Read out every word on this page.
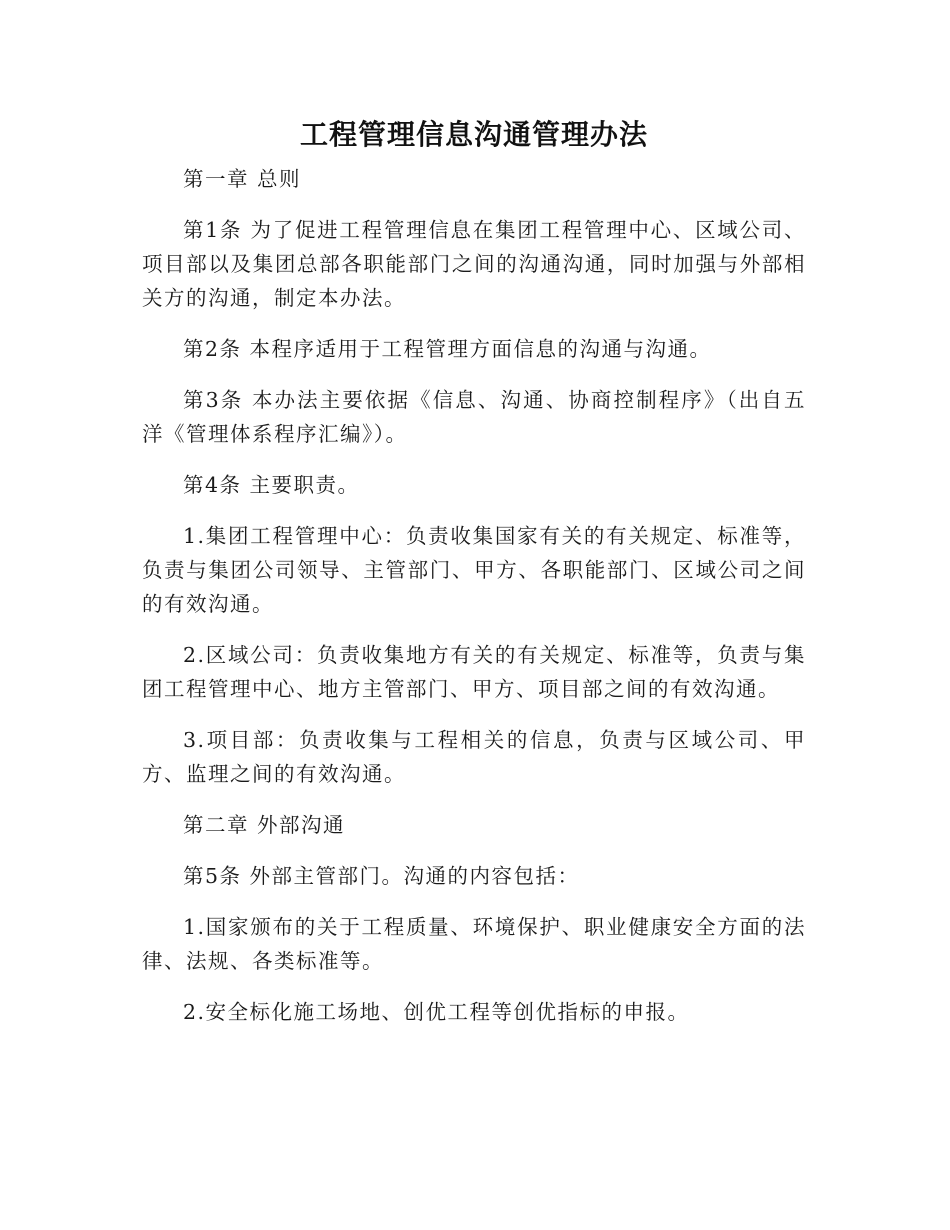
工程管理信息沟通管理办法

第一章 总则

第1条 为了促进工程管理信息在集团工程管理中心、区域公司、项目部以及集团总部各职能部门之间的沟通沟通，同时加强与外部相关方的沟通，制定本办法。

第2条 本程序适用于工程管理方面信息的沟通与沟通。

第3条 本办法主要依据《信息、沟通、协商控制程序》（出自五洋《管理体系程序汇编》）。

第4条 主要职责。

1.集团工程管理中心：负责收集国家有关的有关规定、标准等，负责与集团公司领导、主管部门、甲方、各职能部门、区域公司之间的有效沟通。

2.区域公司：负责收集地方有关的有关规定、标准等，负责与集团工程管理中心、地方主管部门、甲方、项目部之间的有效沟通。

3.项目部：负责收集与工程相关的信息，负责与区域公司、甲方、监理之间的有效沟通。

第二章 外部沟通

第5条 外部主管部门。沟通的内容包括：

1.国家颁布的关于工程质量、环境保护、职业健康安全方面的法律、法规、各类标准等。

2.安全标化施工场地、创优工程等创优指标的申报。
